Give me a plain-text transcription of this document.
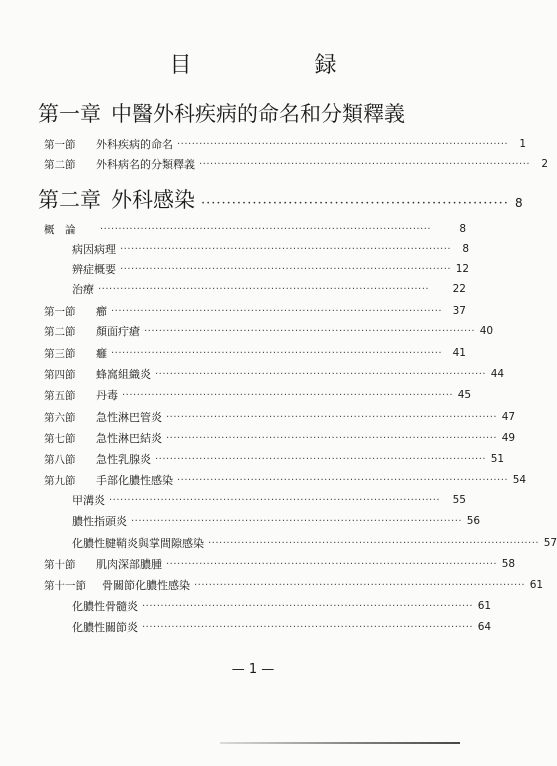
目 録
第一章 中醫外科疾病的命名和分類釋義
第一節	外科疾病的命名 ··························································································	1
第二節	外科病名的分類釋義 ··························································································	2
第二章 外科感染 ···························································· 8
概　論	··························································································	8
病因病理 ··························································································	8
辨症概要 ·························································································· 12
治療 ··························································································	22
第一節	癤 ··························································································	37
第二節	顏面疔瘡 ·························································································· 40
第三節	癰 ··························································································	41
第四節	蜂窩組織炎 ·························································································· 44
第五節	丹毒 ·························································································· 45
第六節	急性淋巴管炎 ·························································································· 47
第七節	急性淋巴結炎 ·························································································· 49
第八節	急性乳腺炎 ·························································································· 51
第九節	手部化膿性感染 ·························································································· 54
甲溝炎 ··························································································	55
膿性指頭炎 ·························································································· 56
化膿性腱鞘炎與掌間隙感染 ·························································································· 57
第十節	肌肉深部膿腫 ·························································································· 58
第十一節	骨關節化膿性感染 ·························································································· 61
化膿性骨髓炎 ·························································································· 61
化膿性關節炎 ·························································································· 64
— 1 —
